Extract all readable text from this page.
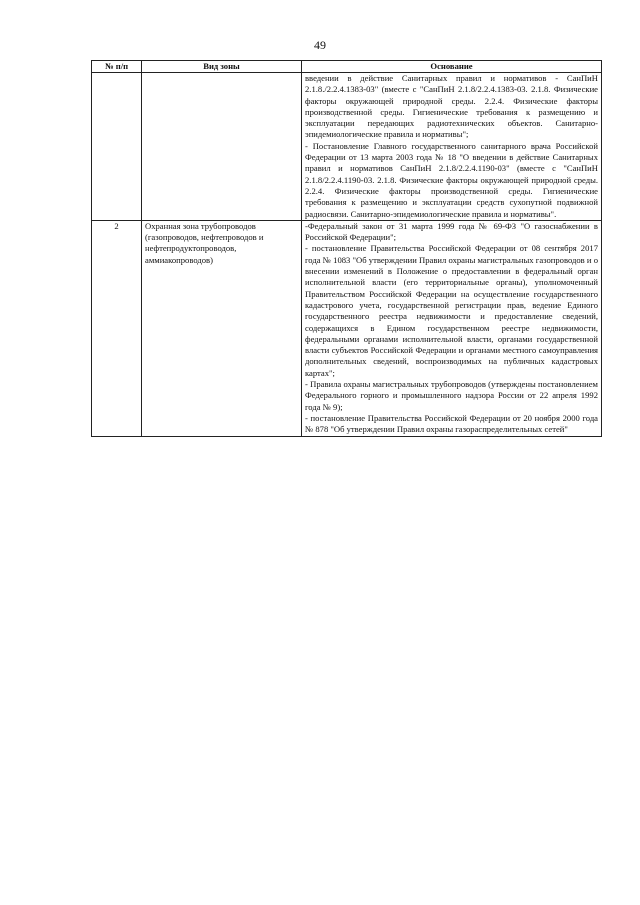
49
№ п/п	Вид зоны	Основание

		введении в действие Санитарных правил и нормативов - СанПиН 2.1.8./2.2.4.1383-03" (вместе с "СанПиН 2.1.8/2.2.4.1383-03. 2.1.8. Физические факторы окружающей природной среды. 2.2.4. Физические факторы производственной среды. Гигиенические требования к размещению и эксплуатации передающих радиотехнических объектов. Санитарно-эпидемиологические правила и нормативы";

- Постановление Главного государственного санитарного врача Российской Федерации от 13 марта 2003 года № 18 "О введении в действие Санитарных правил и нормативов СанПиН 2.1.8/2.2.4.1190-03" (вместе с "СанПиН 2.1.8/2.2.4.1190-03. 2.1.8. Физические факторы окружающей природной среды. 2.2.4. Физические факторы производственной среды. Гигиенические требования к размещению и эксплуатации средств сухопутной подвижной радиосвязи. Санитарно-эпидемиологические правила и нормативы".

2	Охранная зона трубопроводов (газопроводов, нефтепроводов и нефтепродуктопроводов, аммиакопроводов)	-Федеральный закон от 31 марта 1999 года № 69-ФЗ "О газоснабжении в Российской Федерации";

- постановление Правительства Российской Федерации от 08 сентября 2017 года № 1083 "Об утверждении Правил охраны магистральных газопроводов и о внесении изменений в Положение о предоставлении в федеральный орган исполнительной власти (его территориальные органы), уполномоченный Правительством Российской Федерации на осуществление государственного кадастрового учета, государственной регистрации прав, ведение Единого государственного реестра недвижимости и предоставление сведений, содержащихся в Едином государственном реестре недвижимости, федеральными органами исполнительной власти, органами государственной власти субъектов Российской Федерации и органами местного самоуправления дополнительных сведений, воспроизводимых на публичных кадастровых картах";

- Правила охраны магистральных трубопроводов (утверждены постановлением Федерального горного и промышленного надзора России от 22 апреля 1992 года № 9);

- постановление Правительства Российской Федерации от 20 ноября 2000 года № 878 "Об утверждении Правил охраны газораспределительных сетей"
